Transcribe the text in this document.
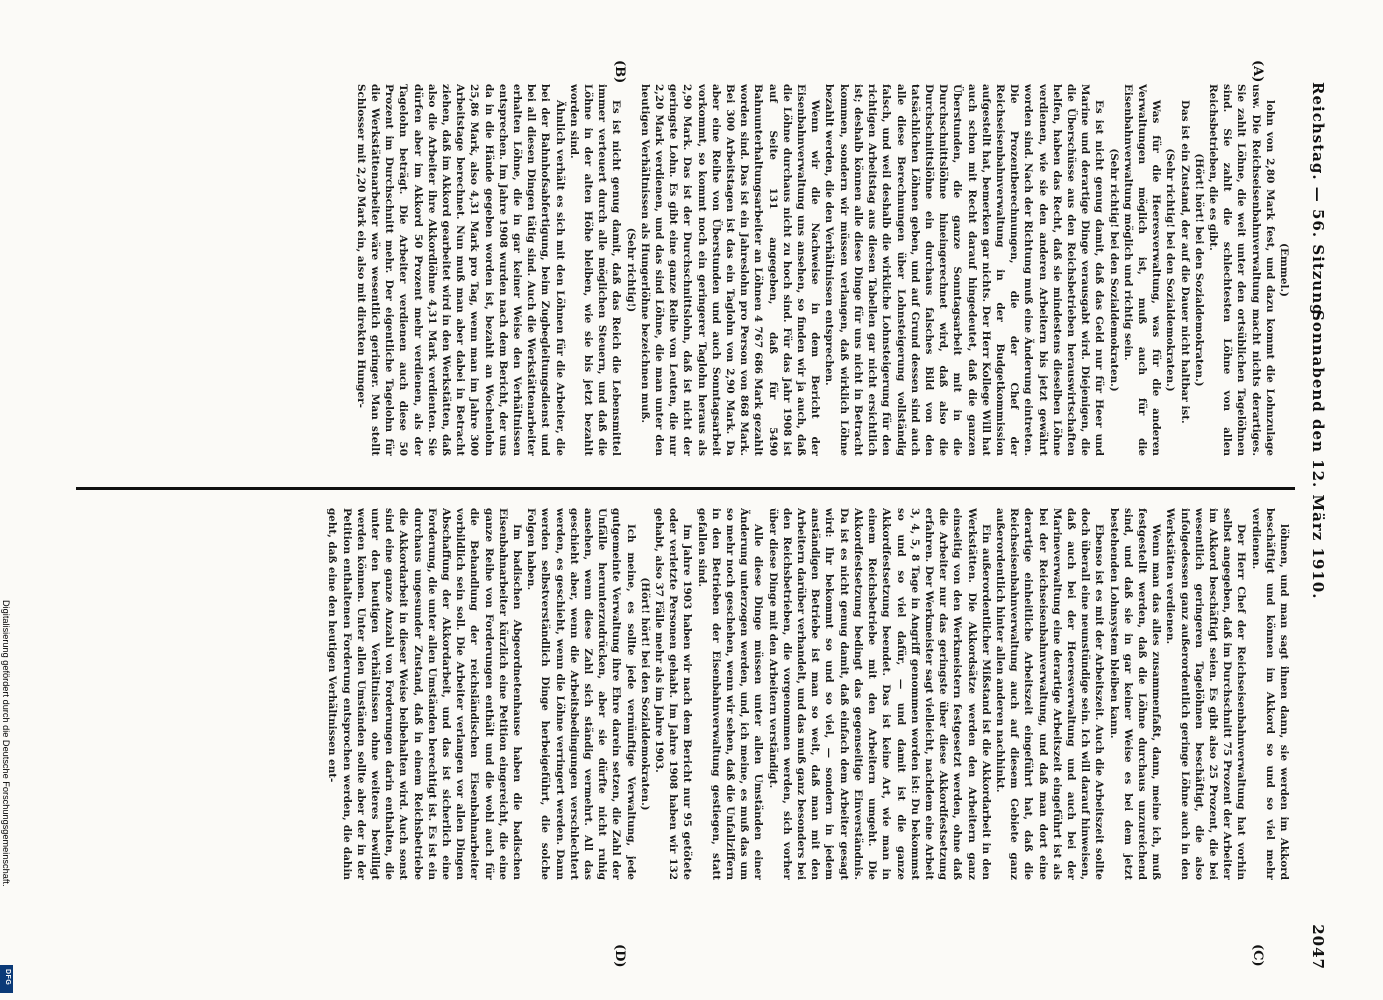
Reichstag. — 56. Sitzung.
Sonnabend den 12. März 1910.
2047
(A)
(B)
(C)
(D)

(Emmel.)

lohn von 2,80 Mark fest, und dazu kommt die Lohnzulage usw. Die Reichseisenbahnverwaltung macht nichts derartiges. Sie zahlt Löhne, die weit unter den ortsüblichen Tagelöhnen sind. Sie zahlt die schlechtesten Löhne von allen Reichsbetrieben, die es gibt.

(Hört! hört! bei den Sozialdemokraten.)

Das ist ein Zustand, der auf die Dauer nicht haltbar ist.

(Sehr richtig! bei den Sozialdemokraten.)

Was für die Heeresverwaltung, was für die anderen Verwaltungen möglich ist, muß auch für die Eisenbahnverwaltung möglich und richtig sein.

(Sehr richtig! bei den Sozialdemokraten.)

Es ist nicht genug damit, daß das Geld nur für Heer und Marine und derartige Dinge verausgabt wird. Diejenigen, die die Überschüsse aus den Reichsbetrieben herauswirtschaften helfen, haben das Recht, daß sie mindestens dieselben Löhne verdienen, wie sie den anderen Arbeitern bis jetzt gewährt worden sind. Nach der Richtung muß eine Änderung eintreten. Die Prozentberechnungen, die der Chef der Reichseisenbahnverwaltung in der Budgetkommission aufgestellt hat, bemerken gar nichts. Der Herr Kollege Will hat auch schon mit Recht darauf hingedeutet, daß die ganzen Überstunden, die ganze Sonntagsarbeit mit in die Durchschnittslöhne hineingerechnet wird, daß also die Durchschnittslöhne ein durchaus falsches Bild von den tatsächlichen Löhnen geben, und auf Grund dessen sind auch alle diese Berechnungen über Lohnsteigerung vollständig falsch, und weil deshalb die wirkliche Lohnsteigerung für den richtigen Arbeitstag aus diesen Tabellen gar nicht ersichtlich ist; deshalb können alle diese Dinge für uns nicht in Betracht kommen, sondern wir müssen verlangen, daß wirklich Löhne bezahlt werden, die den Verhältnissen entsprechen.

Wenn wir die Nachweise in dem Bericht der Eisenbahnverwaltung uns ansehen, so finden wir ja auch, daß die Löhne durchaus nicht zu hoch sind. Für das Jahr 1908 ist auf Seite 131 angegeben, daß für 5490 Bahnunterhaltungsarbeiter an Löhnen 4 767 686 Mark gezahlt worden sind. Das ist ein Jahreslohn pro Person von 868 Mark. Bei 300 Arbeitstagen ist das ein Taglohn von 2,90 Mark. Da aber eine Reihe von Überstunden und auch Sonntagsarbeit vorkommt, so kommt noch ein geringerer Taglohn heraus als 2,90 Mark. Das ist der Durchschnittslohn, daß ist nicht der geringste Lohn. Es gibt eine ganze Reihe von Leuten, die nur 2,20 Mark verdienen, und das sind Löhne, die man unter den heutigen Verhältnissen als Hungerlöhne bezeichnen muß.

(Sehr richtig!)

Es ist nicht genug damit, daß das Reich die Lebensmittel immer verteuert durch alle möglichen Steuern, und daß die Löhne in der alten Höhe bleiben, wie sie bis jetzt bezahlt worden sind.

Ähnlich verhält es sich mit den Löhnen für die Arbeiter, die bei der Bahnhofsabfertigung, beim Zugbegleitungsdienst und bei all diesen Dingen tätig sind. Auch die Werkstättenarbeiter erhalten Löhne, die in gar keiner Weise den Verhältnissen entsprechen. Im Jahre 1908 wurden nach dem Bericht, der uns da in die Hände gegeben worden ist, bezahlt an Wochenlohn 25,86 Mark, also 4,31 Mark pro Tag, wenn man im Jahre 300 Arbeitstage berechnet. Nun muß man aber dabei in Betracht ziehen, daß im Akkord gearbeitet wird in den Werkstätten, daß also die Arbeiter ihre Akkordlöhne 4,31 Mark verdienten. Sie dürfen aber im Akkord 50 Prozent mehr verdienen, als der Tagelohn beträgt. Die Arbeiter verdienen auch diese 50 Prozent im Durchschnitt mehr. Der eigentliche Tagelohn für die Werkstättenarbeiter wäre wesentlich geringer. Man stellt Schlosser mit 2,20 Mark ein, also mit direkten Hunger-

löhnen, und man sagt ihnen dann, sie werden im Akkord beschäftigt und können im Akkord so und so viel mehr verdienen.

Der Herr Chef der Reichseisenbahnverwaltung hat vorhin selbst angegeben, daß im Durchschnitt 75 Prozent der Arbeiter im Akkord beschäftigt seien. Es gibt also 25 Prozent, die bei wesentlich geringeren Tagelöhnen beschäftigt, die also infolgedessen ganz außerordentlich geringe Löhne auch in den Werkstätten verdienen.

Wenn man das alles zusammenfaßt, dann, meine ich, muß festgestellt werden, daß die Löhne durchaus unzureichend sind, und daß sie in gar keiner Weise es bei dem jetzt bestehenden Lohnsystem bleiben kann.

Ebenso ist es mit der Arbeitszeit. Auch die Arbeitszeit sollte doch überall eine neunstündige sein. Ich will darauf hinweisen, daß auch bei der Heeresverwaltung und auch bei der Marineverwaltung eine derartige Arbeitszeit eingeführt ist als bei der Reichseisenbahnverwaltung, und daß man dort eine derartige einheitliche Arbeitszeit eingeführt hat, daß die Reichseisenbahnverwaltung auch auf diesem Gebiete ganz außerordentlich hinter allen anderen nachhinkt.

Ein außerordentlicher Mißstand ist die Akkordarbeit in den Werkstätten. Die Akkordsätze werden den Arbeitern ganz einseitig von den Werkmeistern festgesetzt werden, ohne daß die Arbeiter nur das geringste über diese Akkordfestsetzung erfahren. Der Werkmeister sagt vielleicht, nachdem eine Arbeit 3, 4, 5, 8 Tage in Angriff genommen worden ist: Du bekommst so und so viel dafür, — und damit ist die ganze Akkordfestsetzung beendet. Das ist keine Art, wie man in einem Reichsbetriebe mit den Arbeitern umgeht. Die Akkordfestsetzung bedingt das gegenseitige Einverständnis. Da ist es nicht genug damit, daß einfach dem Arbeiter gesagt wird: Ihr bekommt so und so viel, — sondern in jedem anständigen Betriebe ist man so weit, daß man mit den Arbeitern darüber verhandelt, und das muß ganz besonders bei den Reichsbetrieben, die vorgenommen werden, sich vorher über diese Dinge mit den Arbeitern verständigt.

Alle diese Dinge müssen unter allen Umständen einer Änderung unterzogen werden, und, ich meine, es muß das um so mehr noch geschehen, wenn wir sehen, daß die Unfallziffern in den Betrieben der Eisenbahnverwaltung gestiegen, statt gefallen sind.

Im Jahre 1903 haben wir nach dem Bericht nur 95 getötete oder verletzte Personen gehabt. Im Jahre 1908 haben wir 132 gehabt, also 37 Fälle mehr als im Jahre 1903.

(Hört! hört! bei den Sozialdemokraten.)

Ich meine, es sollte jede vernünftige Verwaltung, jede gutgemeinte Verwaltung ihre Ehre darein setzen, die Zahl der Unfälle herunterzudrücken, aber sie dürfte nicht ruhig ansehen, wenn diese Zahl sich ständig vermehrt. All das geschieht aber, wenn die Arbeitsbedingungen verschlechtert werden, es geschieht, wenn die Löhne verringert werden. Dann werden selbstverständlich Dinge herbeigeführt, die solche Folgen haben.

Im badischen Abgeordnetenhause haben die badischen Eisenbahnarbeiter kürzlich eine Petition eingereicht, die eine ganze Reihe von Forderungen enthält und die wohl auch für die Behandlung der reichsländischen Eisenbahnarbeiter vorbildlich sein soll. Die Arbeiter verlangen vor allen Dingen Abschaffung der Akkordarbeit, und das ist sicherlich eine Forderung, die unter allen Umständen berechtigt ist. Es ist ein durchaus ungesunder Zustand, daß in einem Reichsbetriebe die Akkordarbeit in dieser Weise beibehalten wird. Auch sonst sind eine ganze Anzahl von Forderungen darin enthalten, die unter den heutigen Verhältnissen ohne weiteres bewilligt werden können. Unter allen Umständen sollte aber der in der Petition enthaltenen Forderung entsprochen werden, die dahin geht, daß eine den heutigen Verhältnissen ent-

Digitalisierung gefördert durch die Deutsche Forschungsgemeinschaft.
DFG
